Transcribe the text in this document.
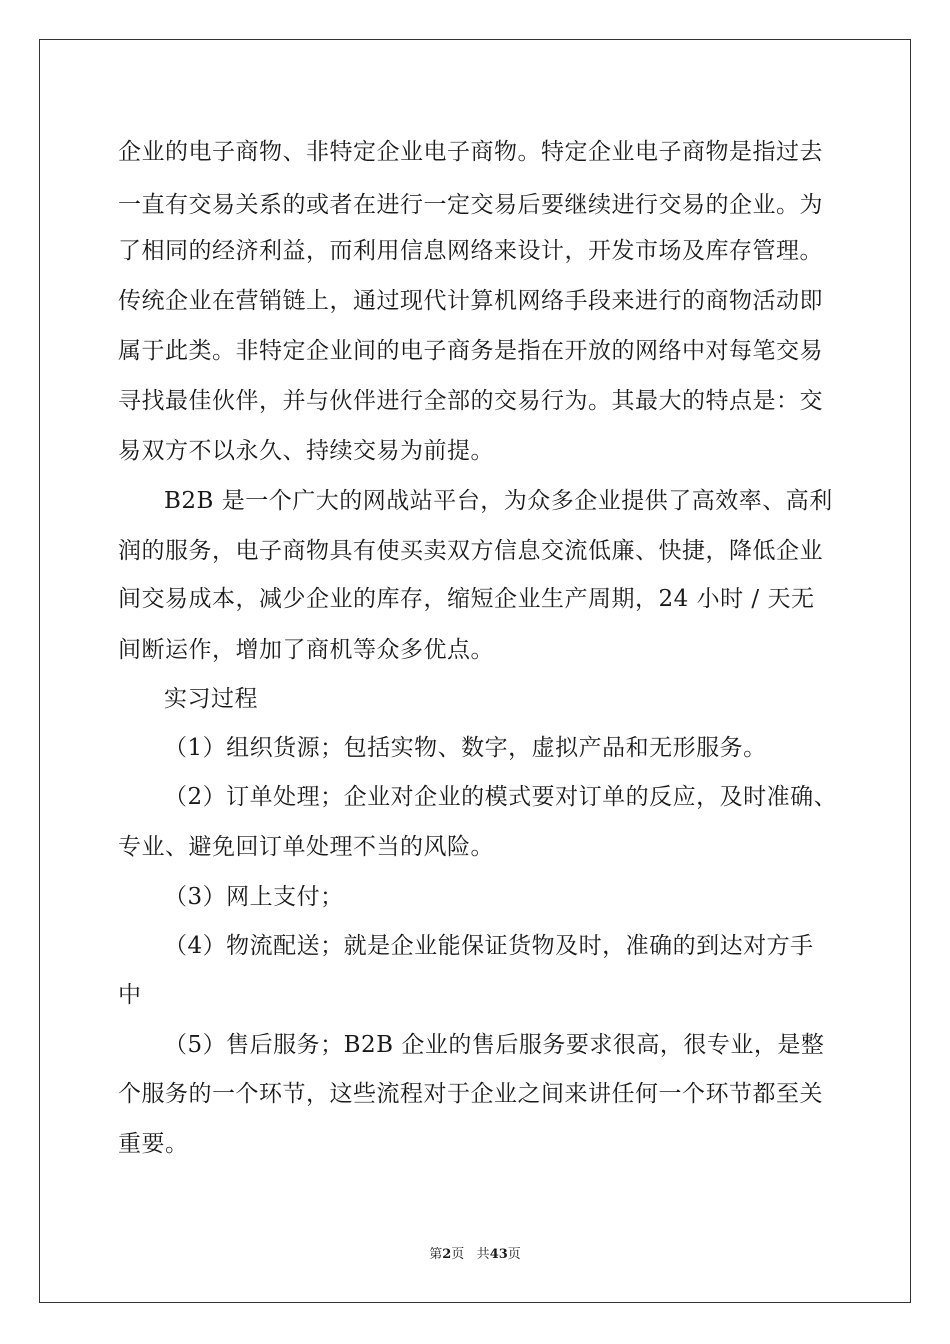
企业的电子商物、非特定企业电子商物。特定企业电子商物是指过去
一直有交易关系的或者在进行一定交易后要继续进行交易的企业。为
了相同的经济利益，而利用信息网络来设计，开发市场及库存管理。
传统企业在营销链上，通过现代计算机网络手段来进行的商物活动即
属于此类。非特定企业间的电子商务是指在开放的网络中对每笔交易
寻找最佳伙伴，并与伙伴进行全部的交易行为。其最大的特点是：交
易双方不以永久、持续交易为前提。
B2B 是一个广大的网战站平台，为众多企业提供了高效率、高利
润的服务，电子商物具有使买卖双方信息交流低廉、快捷，降低企业
间交易成本，减少企业的库存，缩短企业生产周期，24 小时 / 天无
间断运作，增加了商机等众多优点。
实习过程
（1）组织货源；包括实物、数字，虚拟产品和无形服务。
（2）订单处理；企业对企业的模式要对订单的反应，及时准确、
专业、避免回订单处理不当的风险。
（3）网上支付；
（4）物流配送；就是企业能保证货物及时，准确的到达对方手
中
（5）售后服务；B2B 企业的售后服务要求很高，很专业，是整
个服务的一个环节，这些流程对于企业之间来讲任何一个环节都至关
重要。
第2页 共43页
